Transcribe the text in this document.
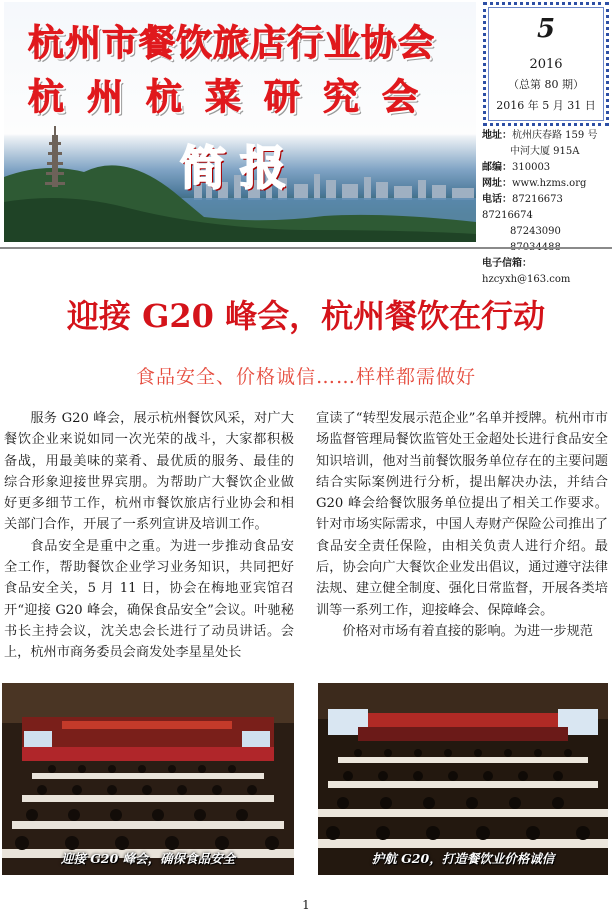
杭州市餐饮旅店行业协会
杭州杭菜研究会
简报
5
2016
（总第 80 期）
2016 年 5 月 31 日
地址：杭州庆春路 159 号
中河大厦 915A
邮编：310003
网址：www.hzms.org
电话：87216673 87216674
87243090 87034488
电子信箱：hzcyxh@163.com
迎接 G20 峰会，杭州餐饮在行动
食品安全、价格诚信……样样都需做好

服务 G20 峰会，展示杭州餐饮风采，对广大餐饮企业来说如同一次光荣的战斗，大家都积极备战，用最美味的菜肴、最优质的服务、最佳的综合形象迎接世界宾朋。为帮助广大餐饮企业做好更多细节工作，杭州市餐饮旅店行业协会和相关部门合作，开展了一系列宣讲及培训工作。

食品安全是重中之重。为进一步推动食品安全工作，帮助餐饮企业学习业务知识，共同把好食品安全关，5 月 11 日，协会在梅地亚宾馆召开“迎接 G20 峰会，确保食品安全”会议。叶驰秘书长主持会议，沈关忠会长进行了动员讲话。会上，杭州市商务委员会商发处李星星处长

宣读了“转型发展示范企业”名单并授牌。杭州市市场监督管理局餐饮监管处王金超处长进行食品安全知识培训，他对当前餐饮服务单位存在的主要问题结合实际案例进行分析，提出解决办法，并结合 G20 峰会给餐饮服务单位提出了相关工作要求。针对市场实际需求，中国人寿财产保险公司推出了食品安全责任保险，由相关负责人进行介绍。最后，协会向广大餐饮企业发出倡议，通过遵守法律法规、建立健全制度、强化日常监督，开展各类培训等一系列工作，迎接峰会、保障峰会。

价格对市场有着直接的影响。为进一步规范

迎接 G20 峰会，确保食品安全	护航 G20，打造餐饮业价格诚信
1
